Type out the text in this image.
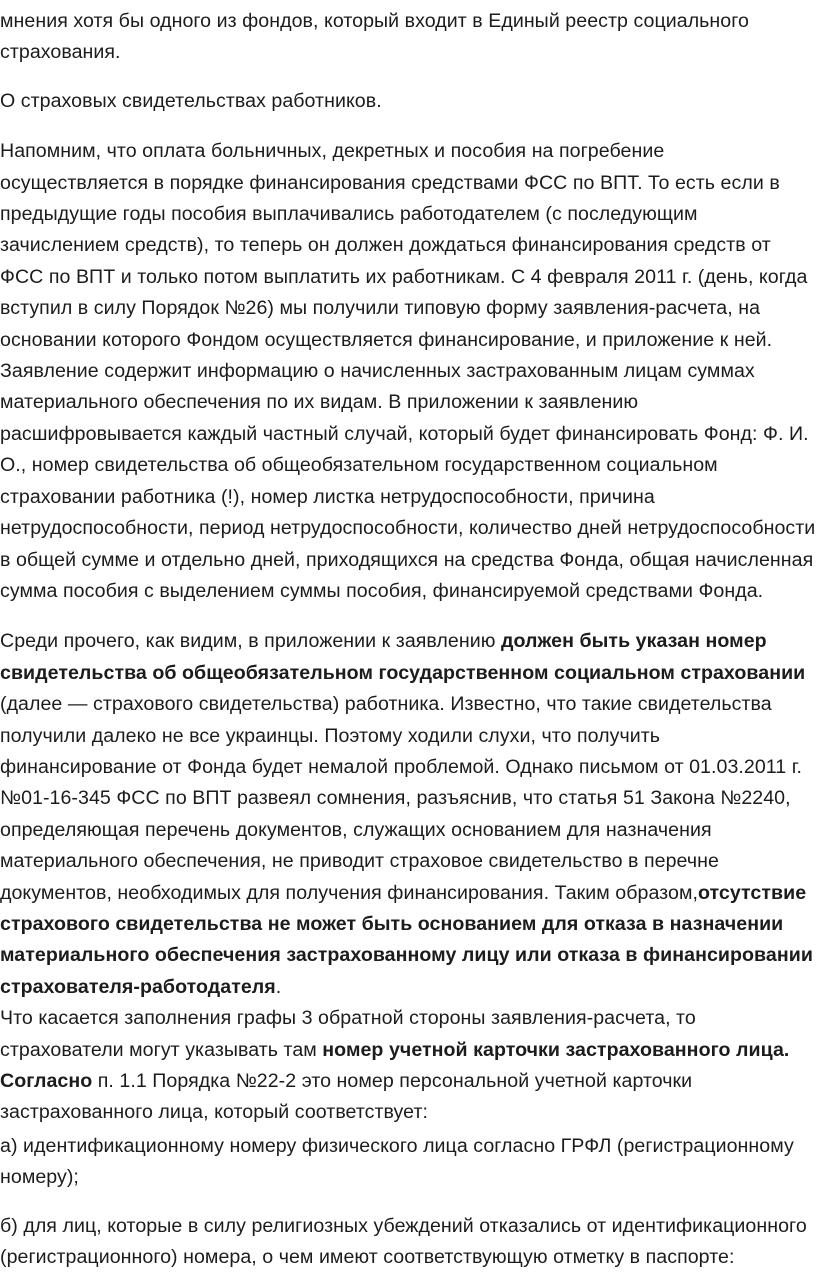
мнения хотя бы одного из фондов, который входит в Единый реестр социального страхования.

О страховых свидетельствах работников.

Напомним, что оплата больничных, декретных и пособия на погребение осуществляется в порядке финансирования средствами ФСС по ВПТ. То есть если в предыдущие годы пособия выплачивались работодателем (с последующим зачислением средств), то теперь он должен дождаться финансирования средств от ФСС по ВПТ и только потом выплатить их работникам. С 4 февраля 2011 г. (день, когда вступил в силу Порядок №26) мы получили типовую форму заявления-расчета, на основании которого Фондом осуществляется финансирование, и приложение к ней. Заявление содержит информацию о начисленных застрахованным лицам суммах материального обеспечения по их видам. В приложении к заявлению расшифровывается каждый частный случай, который будет финансировать Фонд: Ф. И. О., номер свидетельства об общеобязательном государственном социальном страховании работника (!), номер листка нетрудоспособности, причина нетрудоспособности, период нетрудоспособности, количество дней нетрудоспособности в общей сумме и отдельно дней, приходящихся на средства Фонда, общая начисленная сумма пособия с выделением суммы пособия, финансируемой средствами Фонда.

Среди прочего, как видим, в приложении к заявлению должен быть указан номер свидетельства об общеобязательном государственном социальном страховании (далее — страхового свидетельства) работника. Известно, что такие свидетельства получили далеко не все украинцы. Поэтому ходили слухи, что получить финансирование от Фонда будет немалой проблемой. Однако письмом от 01.03.2011 г. №01-16-345 ФСС по ВПТ развеял сомнения, разъяснив, что статья 51 Закона №2240, определяющая перечень документов, служащих основанием для назначения материального обеспечения, не приводит страховое свидетельство в перечне документов, необходимых для получения финансирования. Таким образом,отсутствие страхового свидетельства не может быть основанием для отказа в назначении материального обеспечения застрахованному лицу или отказа в финансировании страхователя-работодателя.

Что касается заполнения графы 3 обратной стороны заявления-расчета, то страхователи могут указывать там номер учетной карточки застрахованного лица. Согласно п. 1.1 Порядка №22-2 это номер персональной учетной карточки застрахованного лица, который соответствует:

а) идентификационному номеру физического лица согласно ГРФЛ (регистрационному номеру);

б) для лиц, которые в силу религиозных убеждений отказались от идентификационного (регистрационного) номера, о чем имеют соответствующую отметку в паспорте:
